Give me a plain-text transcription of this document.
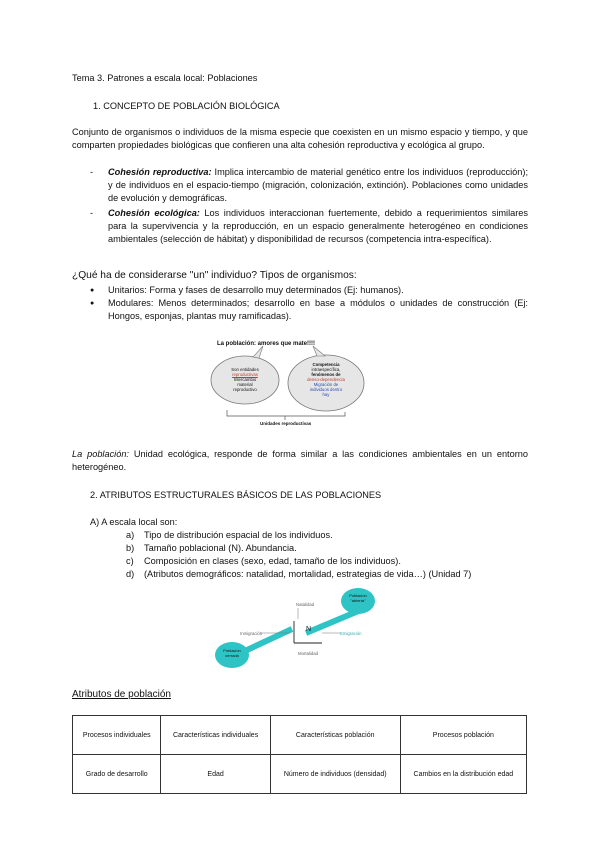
Tema 3. Patrones a escala local: Poblaciones
1. CONCEPTO DE POBLACIÓN BIOLÓGICA
Conjunto de organismos o individuos de la misma especie que coexisten en un mismo espacio y tiempo, y que comparten propiedades biológicas que confieren una alta cohesión reproductiva y ecológica al grupo.
- Cohesión reproductiva: Implica intercambio de material genético entre los individuos (reproducción); y de individuos en el espacio-tiempo (migración, colonización, extinción). Poblaciones como unidades de evolución y demográficas.
- Cohesión ecológica: Los individuos interaccionan fuertemente, debido a requerimientos similares para la supervivencia y la reproducción, en un espacio generalmente heterogéneo en condiciones ambientales (selección de hábitat) y disponibilidad de recursos (competencia intra-específica).
¿Qué ha de considerarse "un" individuo? Tipos de organismos:
● Unitarios: Forma y fases de desarrollo muy determinados (Ej: humanos).
● Modulares: Menos determinados; desarrollo en base a módulos o unidades de construcción (Ej: Hongos, esponjas, plantas muy ramificadas).
La población: amores que mate!!!!
Son entidades
reproductivas
Intercambio
material
reproductivo
Competencia
intraespecífica,
fenómenos de
denso-dependencia
Migración de
individuos dentro
hay
Unidades reproductivas
La población: Unidad ecológica, responde de forma similar a las condiciones ambientales en un entorno heterogéneo.
2. ATRIBUTOS ESTRUCTURALES BÁSICOS DE LAS POBLACIONES
A) A escala local son:
a) Tipo de distribución espacial de los individuos.
b) Tamaño poblacional (N). Abundancia.
c) Composición en clases (sexo, edad, tamaño de los individuos).
d) (Atributos demográficos: natalidad, mortalidad, estrategias de vida…) (Unidad 7)
N
Natalidad
Inmigración	Emigración
Mortalidad
Población
"abierta"
Población
cerrada
Atributos de población
Procesos individuales	Características individuales	Características población	Procesos población
Grado de desarrollo	Edad	Número de individuos (densidad)	Cambios en la distribución edad
